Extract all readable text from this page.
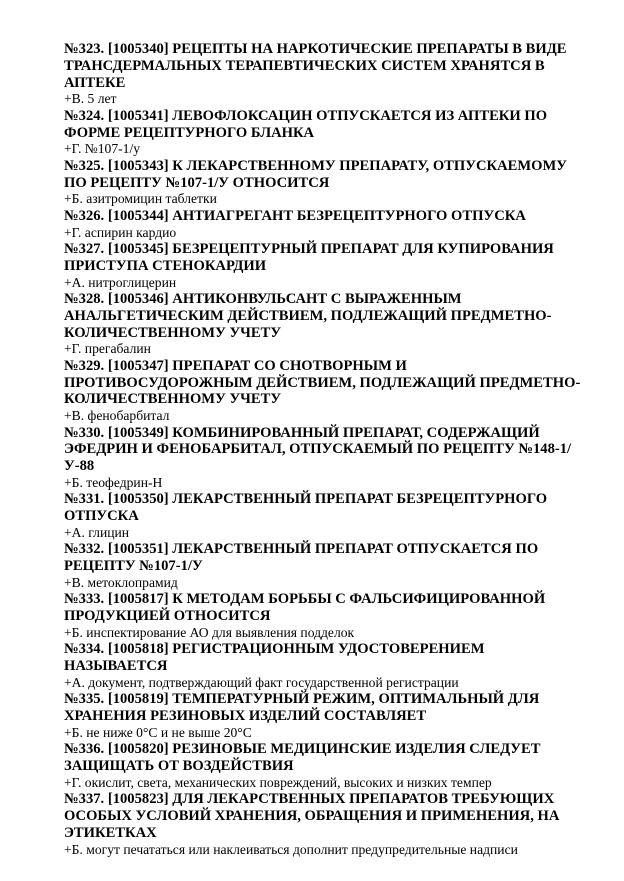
№323. [1005340] РЕЦЕПТЫ НА НАРКОТИЧЕСКИЕ ПРЕПАРАТЫ В ВИДЕ ТРАНСДЕРМАЛЬНЫХ ТЕРАПЕВТИЧЕСКИХ СИСТЕМ ХРАНЯТСЯ В АПТЕКЕ

+В. 5 лет

№324. [1005341] ЛЕВОФЛОКСАЦИН ОТПУСКАЕТСЯ ИЗ АПТЕКИ ПО ФОРМЕ РЕЦЕПТУРНОГО БЛАНКА

+Г. №107-1/у

№325. [1005343] К ЛЕКАРСТВЕННОМУ ПРЕПАРАТУ, ОТПУСКАЕМОМУ ПО РЕЦЕПТУ №107-1/У ОТНОСИТСЯ

+Б. азитромицин таблетки

№326. [1005344] АНТИАГРЕГАНТ БЕЗРЕЦЕПТУРНОГО ОТПУСКА

+Г. аспирин кардио

№327. [1005345] БЕЗРЕЦЕПТУРНЫЙ ПРЕПАРАТ ДЛЯ КУПИРОВАНИЯ ПРИСТУПА СТЕНОКАРДИИ

+А. нитроглицерин

№328. [1005346] АНТИКОНВУЛЬСАНТ С ВЫРАЖЕННЫМ АНАЛЬГЕТИЧЕСКИМ ДЕЙСТВИЕМ, ПОДЛЕЖАЩИЙ ПРЕДМЕТНО-КОЛИЧЕСТВЕННОМУ УЧЕТУ

+Г. прегабалин

№329. [1005347] ПРЕПАРАТ СО СНОТВОРНЫМ И ПРОТИВОСУДОРОЖНЫМ ДЕЙСТВИЕМ, ПОДЛЕЖАЩИЙ ПРЕДМЕТНО-КОЛИЧЕСТВЕННОМУ УЧЕТУ

+В. фенобарбитал

№330. [1005349] КОМБИНИРОВАННЫЙ ПРЕПАРАТ, СОДЕРЖАЩИЙ ЭФЕДРИН И ФЕНОБАРБИТАЛ, ОТПУСКАЕМЫЙ ПО РЕЦЕПТУ №148-1/У-88

+Б. теофедрин-Н

№331. [1005350] ЛЕКАРСТВЕННЫЙ ПРЕПАРАТ БЕЗРЕЦЕПТУРНОГО ОТПУСКА

+А. глицин

№332. [1005351] ЛЕКАРСТВЕННЫЙ ПРЕПАРАТ ОТПУСКАЕТСЯ ПО РЕЦЕПТУ №107-1/У

+В. метоклопрамид

№333. [1005817] К МЕТОДАМ БОРЬБЫ С ФАЛЬСИФИЦИРОВАННОЙ ПРОДУКЦИЕЙ ОТНОСИТСЯ

+Б. инспектирование АО для выявления подделок

№334. [1005818] РЕГИСТРАЦИОННЫМ УДОСТОВЕРЕНИЕМ НАЗЫВАЕТСЯ

+А. документ, подтверждающий факт государственной регистрации

№335. [1005819] ТЕМПЕРАТУРНЫЙ РЕЖИМ, ОПТИМАЛЬНЫЙ ДЛЯ ХРАНЕНИЯ РЕЗИНОВЫХ ИЗДЕЛИЙ СОСТАВЛЯЕТ

+Б. не ниже 0°С и не выше 20°С

№336. [1005820] РЕЗИНОВЫЕ МЕДИЦИНСКИЕ ИЗДЕЛИЯ СЛЕДУЕТ ЗАЩИЩАТЬ ОТ ВОЗДЕЙСТВИЯ

+Г. окислит, света, механических повреждений, высоких и низких темпер

№337. [1005823] ДЛЯ ЛЕКАРСТВЕННЫХ ПРЕПАРАТОВ ТРЕБУЮЩИХ ОСОБЫХ УСЛОВИЙ ХРАНЕНИЯ, ОБРАЩЕНИЯ И ПРИМЕНЕНИЯ, НА ЭТИКЕТКАХ

+Б. могут печататься или наклеиваться дополнит предупредительные надписи
